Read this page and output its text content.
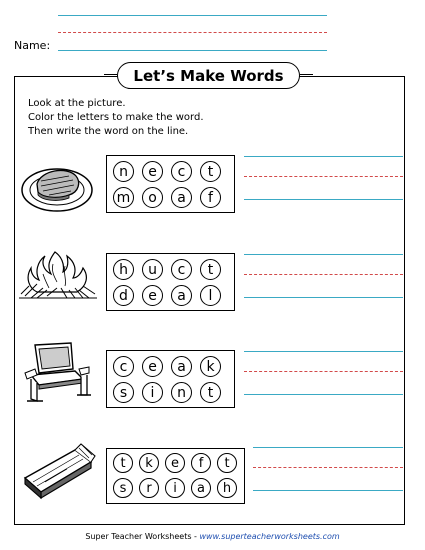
Name:
Let’s Make Words
Look at the picture.
Color the letters to make the word.
Then write the word on the line.
n	e	c	t
m	o	a	f
h	u	c	t
d	e	a	l
c	e	a	k
s	i	n	t
t	k	e	f	t
s	r	i	a	h
Super Teacher Worksheets - www.superteacherworksheets.com
